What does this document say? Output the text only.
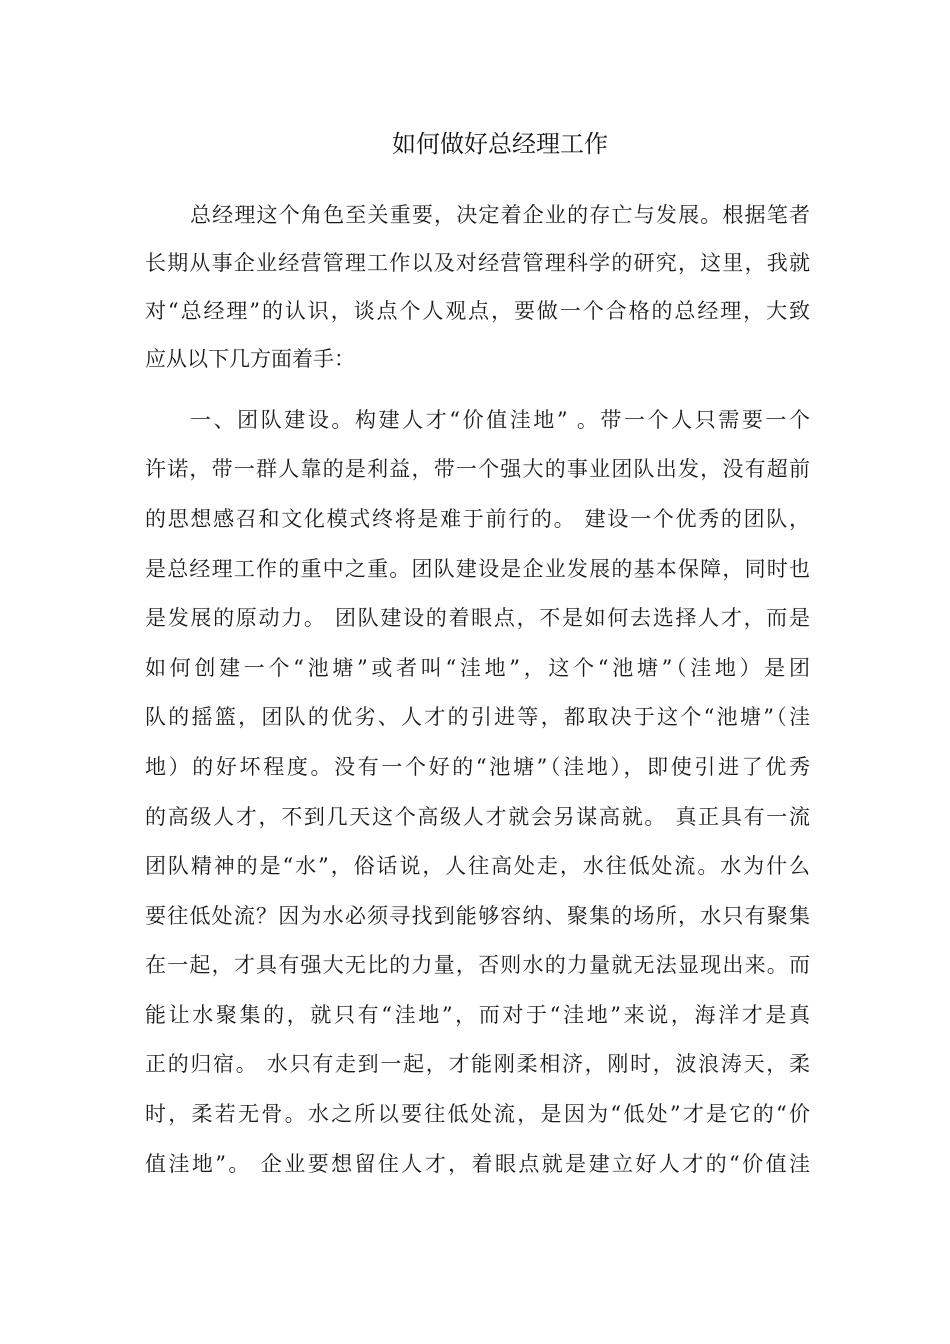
如何做好总经理工作
总经理这个角色至关重要，决定着企业的存亡与发展。根据笔者
长期从事企业经营管理工作以及对经营管理科学的研究，这里，我就
对“总经理”的认识，谈点个人观点，要做一个合格的总经理，大致
应从以下几方面着手：
一、团队建设。构建人才“价值洼地” 。带一个人只需要一个
许诺，带一群人靠的是利益，带一个强大的事业团队出发，没有超前
的思想感召和文化模式终将是难于前行的。 建设一个优秀的团队，
是总经理工作的重中之重。团队建设是企业发展的基本保障，同时也
是发展的原动力。 团队建设的着眼点，不是如何去选择人才，而是
如何创建一个“池塘”或者叫“洼地”，这个“池塘”（洼地）是团
队的摇篮，团队的优劣、人才的引进等，都取决于这个“池塘”（洼
地）的好坏程度。没有一个好的“池塘”（洼地），即使引进了优秀
的高级人才，不到几天这个高级人才就会另谋高就。 真正具有一流
团队精神的是“水”，俗话说，人往高处走，水往低处流。水为什么
要往低处流？因为水必须寻找到能够容纳、聚集的场所，水只有聚集
在一起，才具有强大无比的力量，否则水的力量就无法显现出来。而
能让水聚集的，就只有“洼地”，而对于“洼地”来说，海洋才是真
正的归宿。 水只有走到一起，才能刚柔相济，刚时，波浪涛天，柔
时，柔若无骨。水之所以要往低处流，是因为“低处”才是它的“价
值洼地”。 企业要想留住人才，着眼点就是建立好人才的“价值洼
